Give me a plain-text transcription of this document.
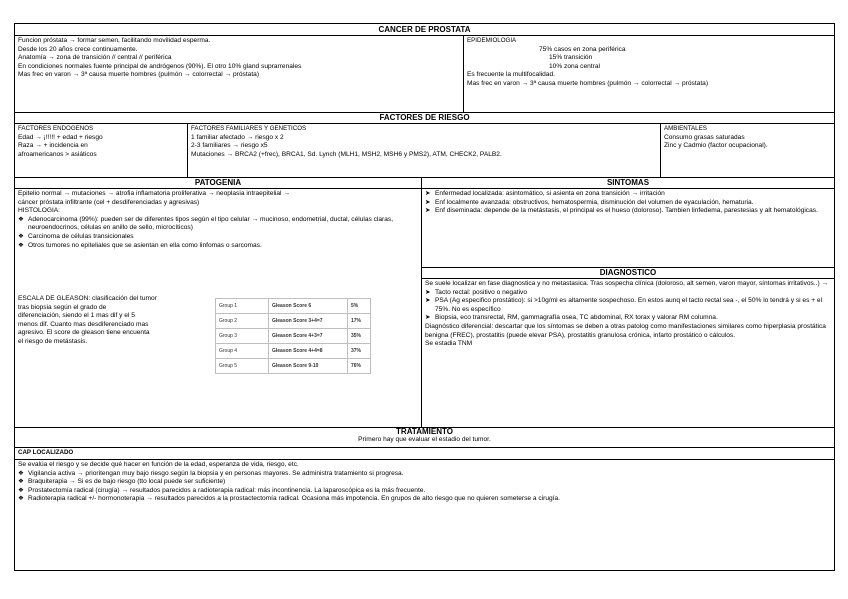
CANCER DE PROSTATA
Funcion próstata → formar semen, facilitando movilidad esperma.
Desde los 20 años crece continuamente.
Anatomía → zona de transición // central // periférica
En condiciones normales fuente principal de andrógenos (90%). El otro 10% gland suprarrenales
Mas frec en varon → 3ª causa muerte hombres (pulmón → colorrectal → próstata)
EPIDEMIOLOGIA
75% casos en zona periférica
15% transición
10% zona central
Es frecuente la multifocalidad.
Mas frec en varon → 3ª causa muerte hombres (pulmón → colorrectal → próstata)
FACTORES DE RIESGO
FACTORES ENDOGENOS
Edad → ¡!!!!! + edad + riesgo
Raza → + incidencia en
afroamericanos > asiáticos
FACTORES FAMILIARES Y GENETICOS
1 familiar afectado → riesgo x 2
2-3 familiares → riesgo x5
Mutaciones → BRCA2 (+frec), BRCA1, Sd. Lynch (MLH1, MSH2, MSH6 y PMS2), ATM, CHECK2, PALB2.
AMBIENTALES
Consumo grasas saturadas
Zinc y Cadmio (factor ocupacional).
PATOGENIA
Epitelio normal → mutaciones → atrofia inflamatoria proliferativa → neoplasia intraepitelial →
cáncer próstata infiltrante (cel + desdiferenciadas y agresivas)
HISTOLOGIA:
❖ Adenocarcinoma (99%): pueden ser de diferentes tipos según el tipo celular → mucinoso, endometrial, ductal, células claras, neuroendocrinos, células en anillo de sello, microcíticos)
❖ Carcinoma de células transicionales
❖ Otros tumores no epiteliales que se asientan en ella como linfomas o sarcomas.
ESCALA DE GLEASON: clasificación del tumor
tras biopsia según el grado de
diferenciación, siendo el 1 mas dif y el 5
menos dif. Cuanto mas desdiferenciado mas
agresivo. El score de gleason tiene encuenta
el riesgo de metástasis.
Group 1	Gleason Score 6	5%
Group 2	Gleason Score 3+4=7	17%
Group 3	Gleason Score 4+3=7	35%
Group 4	Gleason Score 4+4=8	37%
Group 5	Gleason Score 9-10	76%
SINTOMAS
➤ Enfermedad localizada: asintomático, si asienta en zona transición → irritación
➤ Enf localmente avanzada: obstructivos, hematospermia, disminución del volumen de eyaculación, hematuria.
➤ Enf diseminada: depende de la metástasis, el principal es el hueso (doloroso). Tambien linfedema, parestesias y alt hematológicas.
DIAGNOSTICO
Se suele localizar en fase diagnostica y no metastasica. Tras sospecha clínica (doloroso, alt semen, varon mayor, síntomas irritativos..) →
➤ Tacto rectal: positivo o negativo
➤ PSA (Ag especifico prostático): si >10g/ml es altamente sospechoso. En estos aunq el tacto rectal sea -, el 50% lo tendrá y si es + el 75%. No es específico
➤ Biopsia, eco transrectal, RM, gammagrafía osea, TC abdominal, RX torax y valorar RM columna.
Diagnóstico diferencial: descartar que los síntomas se deben a otras patolog como manifestaciones similares como hiperplasia prostática benigna (FREC), prostatitis (puede elevar PSA), prostatitis granulosa crónica, infarto prostático o cálculos.
Se estadia TNM
TRATAMIENTO
Primero hay que evaluar el estadio del tumor.
CAP LOCALIZADO
Se evalúa el riesgo y se decide qué hacer en función de la edad, esperanza de vida, riesgo, etc.
❖ Vigilancia activa → prioritengan muy bajo riesgo según la biopsia y en personas mayores. Se administra tratamiento si progresa.
❖ Braquiterapia → Si es de bajo riesgo (tto local puede ser suficiente)
❖ Prostatectomía radical (cirugía) → resultados parecidos a radioterapia radical: más incontinencia. La laparoscópica es la más frecuente.
❖ Radioterapia radical +/- hormonoterapia → resultados parecidos a la prostactectomía radical. Ocasiona más impotencia. En grupos de alto riesgo que no quieren someterse a cirugía.
